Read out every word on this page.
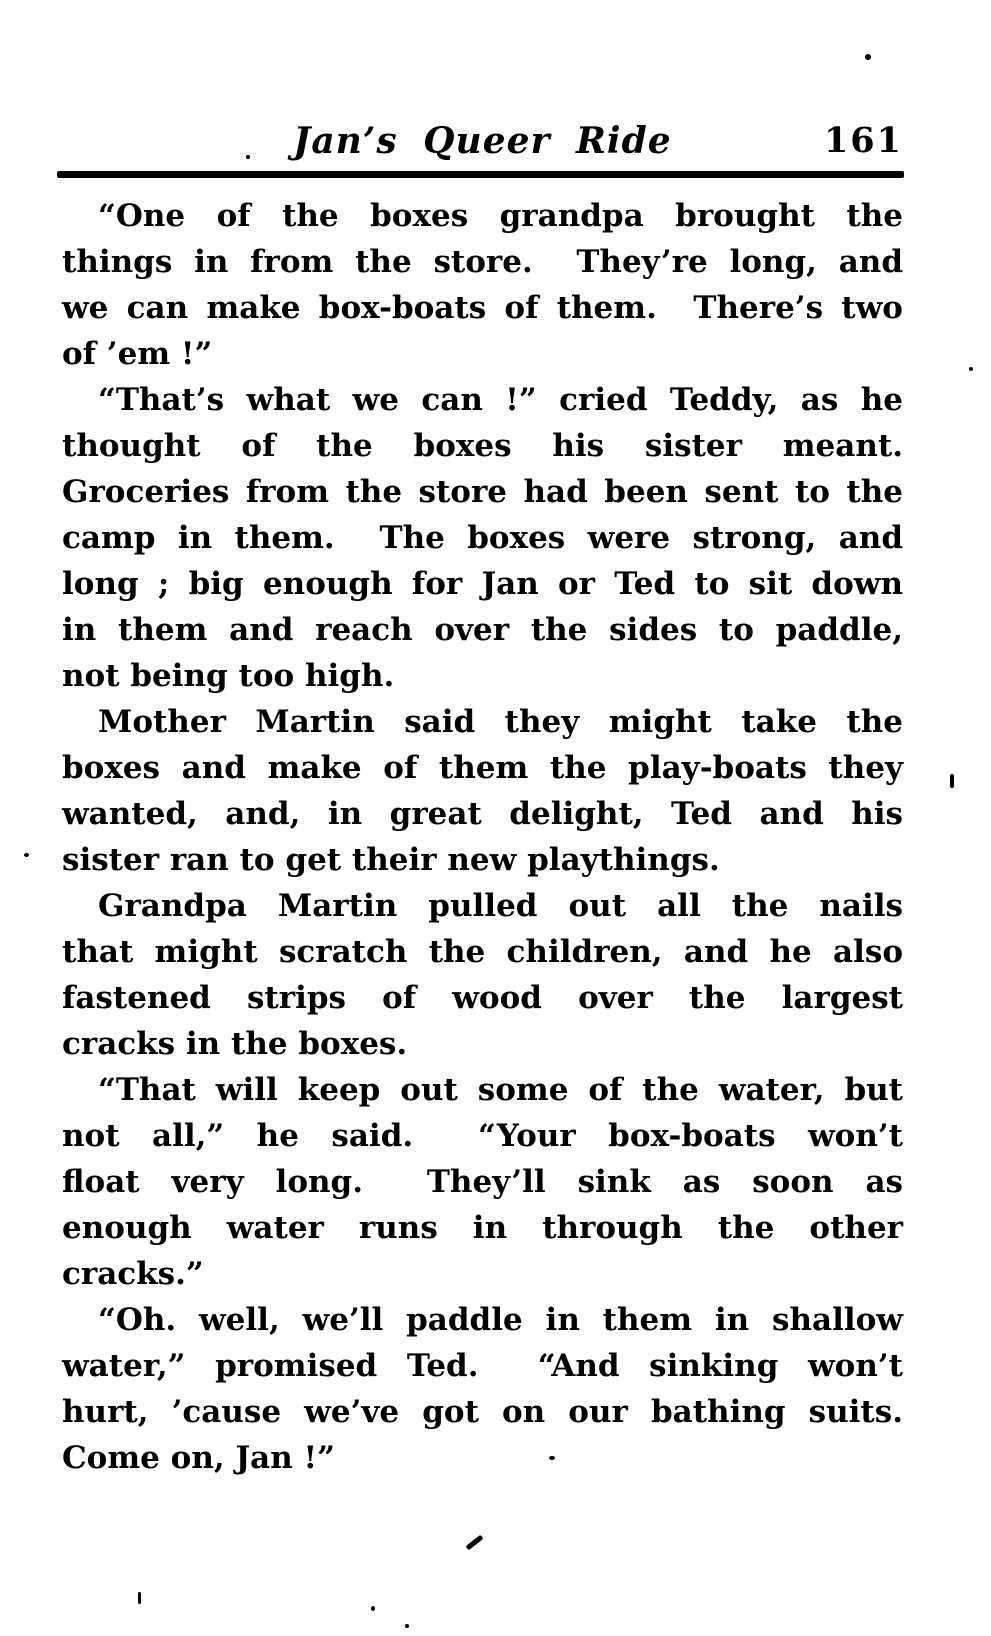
Jan’s Queer Ride	161
“One of the boxes grandpa brought the
things in from the store.  They’re long, and
we can make box-boats of them.  There’s two
of ’em !”
“That’s what we can !” cried Teddy, as he
thought of the boxes his sister meant.
Groceries from the store had been sent to the
camp in them.  The boxes were strong, and
long ; big enough for Jan or Ted to sit down
in them and reach over the sides to paddle,
not being too high.
Mother Martin said they might take the
boxes and make of them the play-boats they
wanted, and, in great delight, Ted and his
sister ran to get their new playthings.
Grandpa Martin pulled out all the nails
that might scratch the children, and he also
fastened strips of wood over the largest
cracks in the boxes.
“That will keep out some of the water, but
not all,” he said.  “Your box-boats won’t
float very long.  They’ll sink as soon as
enough water runs in through the other
cracks.”
“Oh. well, we’ll paddle in them in shallow
water,” promised Ted.  “And sinking won’t
hurt, ’cause we’ve got on our bathing suits.
Come on, Jan !”
